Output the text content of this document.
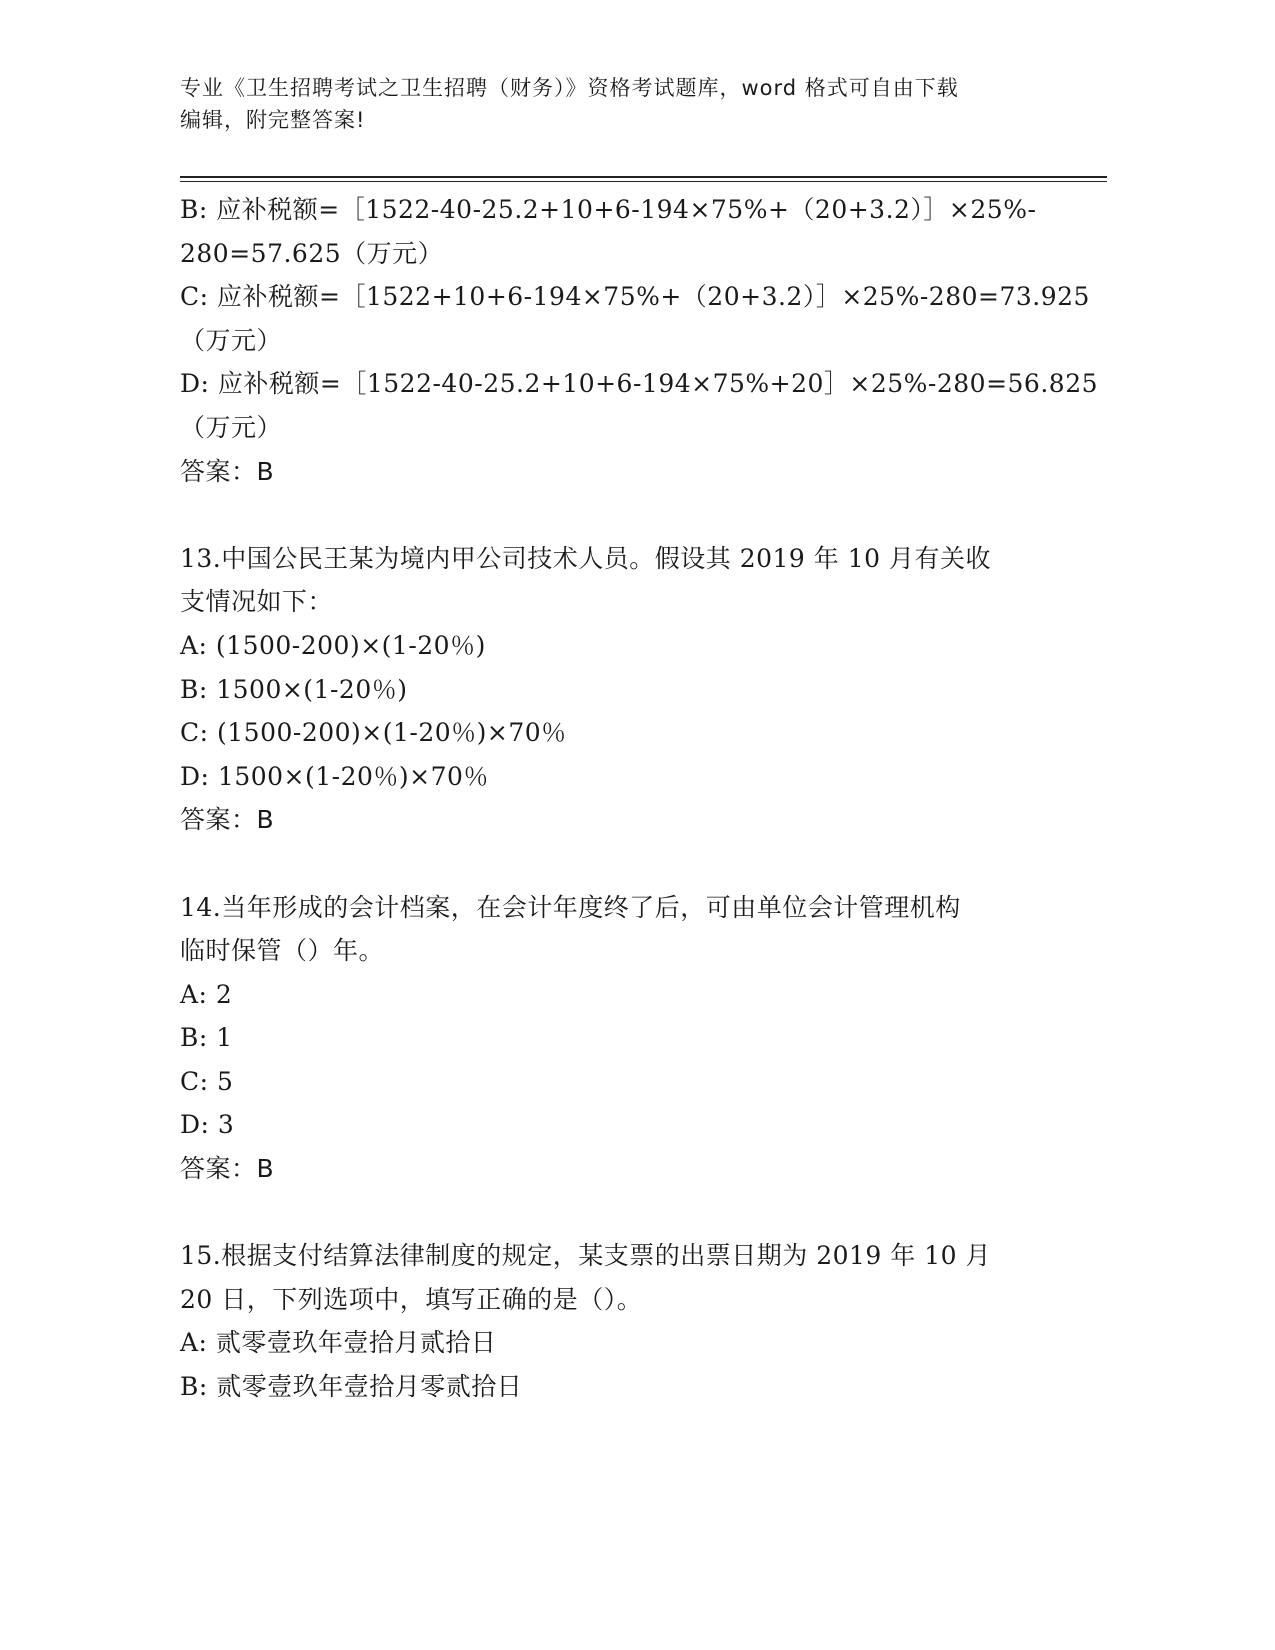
专业《卫生招聘考试之卫生招聘（财务）》资格考试题库，word 格式可自由下载
编辑，附完整答案!
B: 应补税额=［1522-40-25.2+10+6-194×75%+（20+3.2）］×25%-
280=57.625（万元）
C: 应补税额=［1522+10+6-194×75%+（20+3.2）］×25%-280=73.925
（万元）
D: 应补税额=［1522-40-25.2+10+6-194×75%+20］×25%-280=56.825
（万元）
答案：B
13.中国公民王某为境内甲公司技术人员。假设其 2019 年 10 月有关收
支情况如下：
A: (1500-200)×(1-20％)
B: 1500×(1-20％)
C: (1500-200)×(1-20％)×70％
D: 1500×(1-20％)×70％
答案：B
14.当年形成的会计档案，在会计年度终了后，可由单位会计管理机构
临时保管（）年。
A: 2
B: 1
C: 5
D: 3
答案：B
15.根据支付结算法律制度的规定，某支票的出票日期为 2019 年 10 月
20 日，下列选项中，填写正确的是（）。
A: 贰零壹玖年壹拾月贰拾日
B: 贰零壹玖年壹拾月零贰拾日
